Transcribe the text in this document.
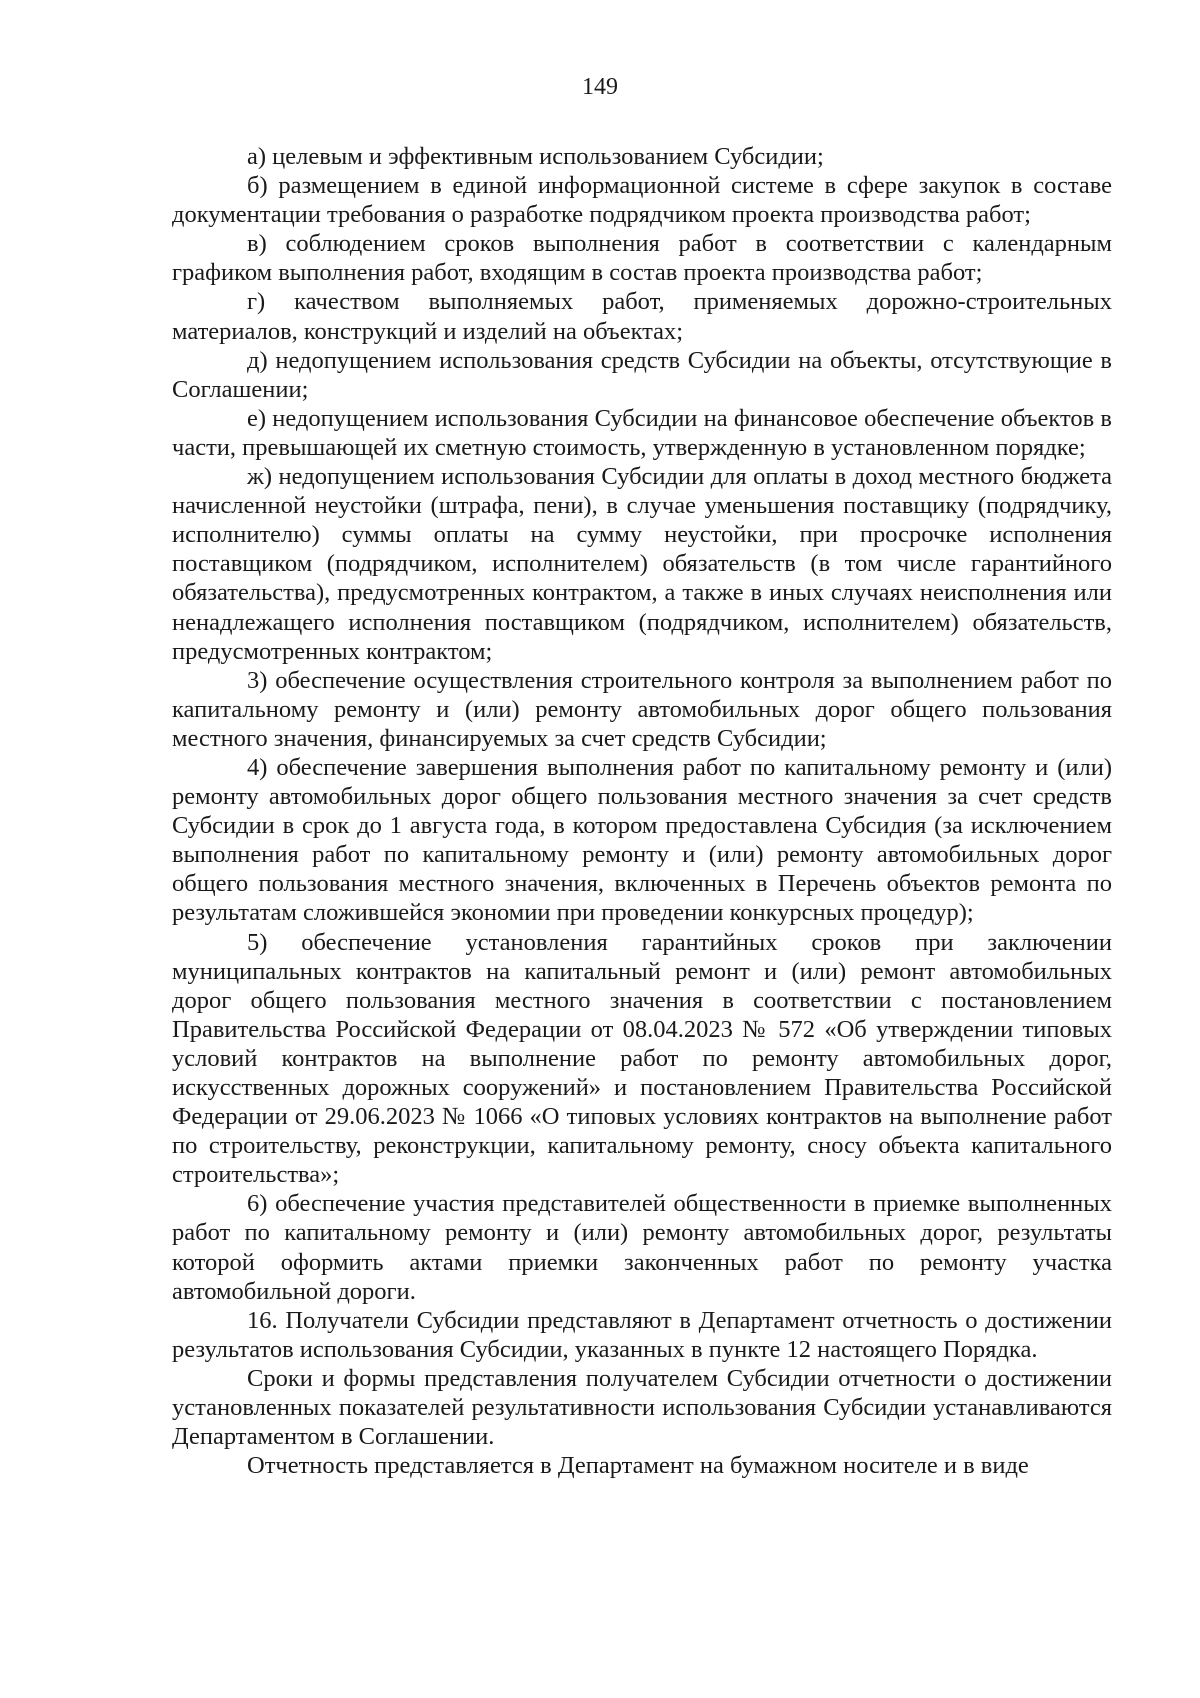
149

а) целевым и эффективным использованием Субсидии;

б) размещением в единой информационной системе в сфере закупок в составе документации требования о разработке подрядчиком проекта производства работ;

в) соблюдением сроков выполнения работ в соответствии с календарным графиком выполнения работ, входящим в состав проекта производства работ;

г) качеством выполняемых работ, применяемых дорожно-строительных материалов, конструкций и изделий на объектах;

д) недопущением использования средств Субсидии на объекты, отсутствующие в Соглашении;

е) недопущением использования Субсидии на финансовое обеспечение объектов в части, превышающей их сметную стоимость, утвержденную в установленном порядке;

ж) недопущением использования Субсидии для оплаты в доход местного бюджета начисленной неустойки (штрафа, пени), в случае уменьшения поставщику (подрядчику, исполнителю) суммы оплаты на сумму неустойки, при просрочке исполнения поставщиком (подрядчиком, исполнителем) обязательств (в том числе гарантийного обязательства), предусмотренных контрактом, а также в иных случаях неисполнения или ненадлежащего исполнения поставщиком (подрядчиком, исполнителем) обязательств, предусмотренных контрактом;

3) обеспечение осуществления строительного контроля за выполнением работ по капитальному ремонту и (или) ремонту автомобильных дорог общего пользования местного значения, финансируемых за счет средств Субсидии;

4) обеспечение завершения выполнения работ по капитальному ремонту и (или) ремонту автомобильных дорог общего пользования местного значения за счет средств Субсидии в срок до 1 августа года, в котором предоставлена Субсидия (за исключением выполнения работ по капитальному ремонту и (или) ремонту автомобильных дорог общего пользования местного значения, включенных в Перечень объектов ремонта по результатам сложившейся экономии при проведении конкурсных процедур);

5) обеспечение установления гарантийных сроков при заключении муниципальных контрактов на капитальный ремонт и (или) ремонт автомобильных дорог общего пользования местного значения в соответствии с постановлением Правительства Российской Федерации от 08.04.2023 № 572 «Об утверждении типовых условий контрактов на выполнение работ по ремонту автомобильных дорог, искусственных дорожных сооружений» и постановлением Правительства Российской Федерации от 29.06.2023 № 1066 «О типовых условиях контрактов на выполнение работ по строительству, реконструкции, капитальному ремонту, сносу объекта капитального строительства»;

6) обеспечение участия представителей общественности в приемке выполненных работ по капитальному ремонту и (или) ремонту автомобильных дорог, результаты которой оформить актами приемки законченных работ по ремонту участка автомобильной дороги.

16. Получатели Субсидии представляют в Департамент отчетность о достижении результатов использования Субсидии, указанных в пункте 12 настоящего Порядка.

Сроки и формы представления получателем Субсидии отчетности о достижении установленных показателей результативности использования Субсидии устанавливаются Департаментом в Соглашении.

Отчетность представляется в Департамент на бумажном носителе и в виде
